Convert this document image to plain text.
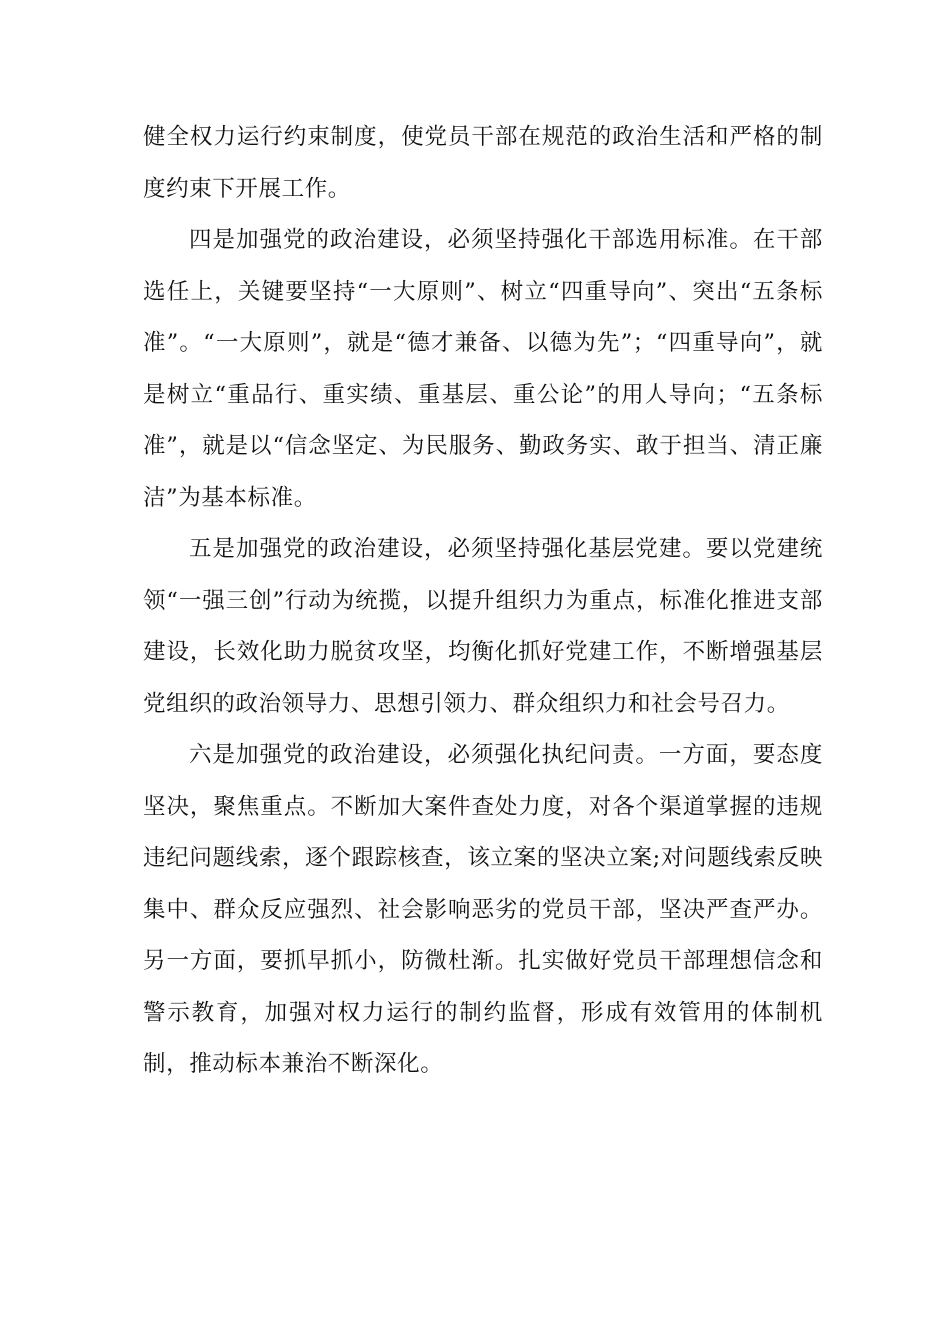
健全权力运行约束制度，使党员干部在规范的政治生活和严格的制度约束下开展工作。

四是加强党的政治建设，必须坚持强化干部选用标准。在干部选任上，关键要坚持“一大原则”、树立“四重导向”、突出“五条标准”。“一大原则”，就是“德才兼备、以德为先”；“四重导向”，就是树立“重品行、重实绩、重基层、重公论”的用人导向；“五条标准”，就是以“信念坚定、为民服务、勤政务实、敢于担当、清正廉洁”为基本标准。

五是加强党的政治建设，必须坚持强化基层党建。要以党建统领“一强三创”行动为统揽，以提升组织力为重点，标准化推进支部建设，长效化助力脱贫攻坚，均衡化抓好党建工作，不断增强基层党组织的政治领导力、思想引领力、群众组织力和社会号召力。

六是加强党的政治建设，必须强化执纪问责。一方面，要态度坚决，聚焦重点。不断加大案件查处力度，对各个渠道掌握的违规违纪问题线索，逐个跟踪核查，该立案的坚决立案;对问题线索反映集中、群众反应强烈、社会影响恶劣的党员干部，坚决严查严办。另一方面，要抓早抓小，防微杜渐。扎实做好党员干部理想信念和警示教育，加强对权力运行的制约监督，形成有效管用的体制机制，推动标本兼治不断深化。
